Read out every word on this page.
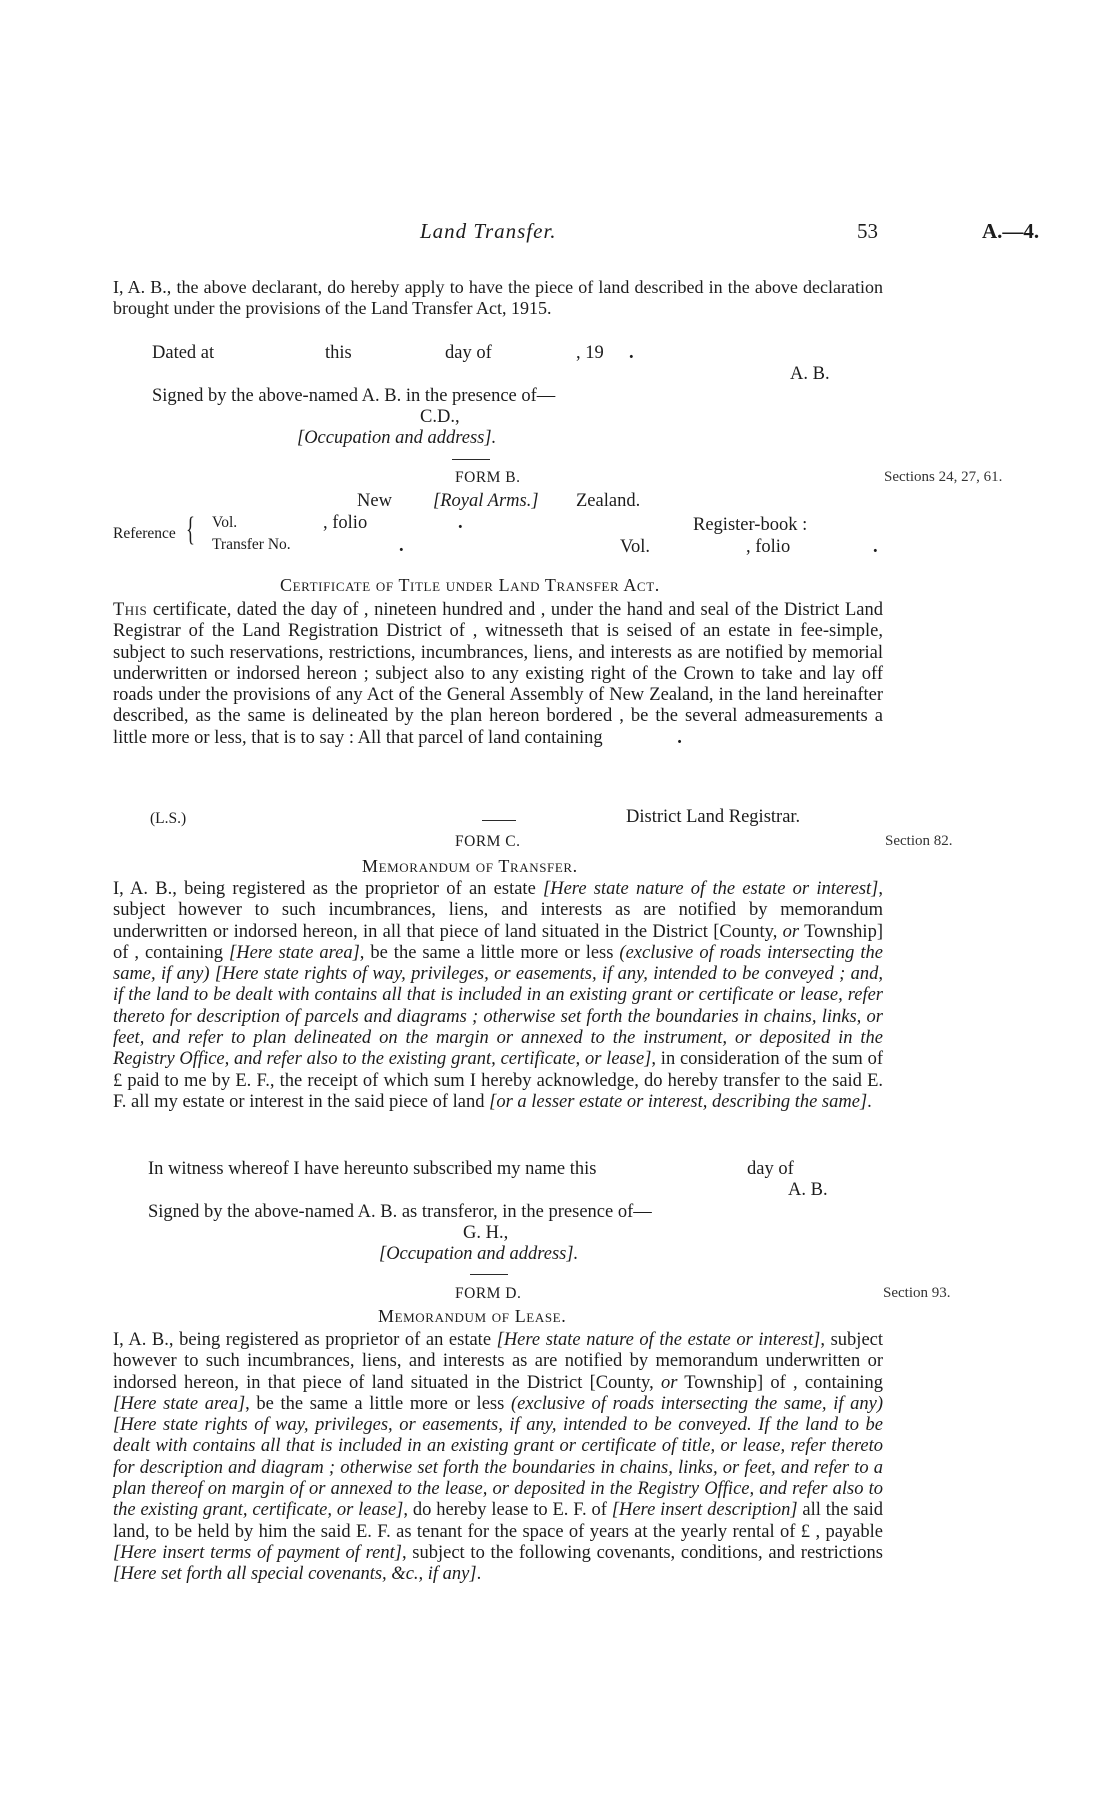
Land Transfer.	53	A.—4.
I, A. B., the above declarant, do hereby apply to have the piece of land described in the above declaration brought under the provisions of the Land Transfer Act, 1915.
Dated at	this	day of	, 19
.
A. B.
Signed by the above-named A. B. in the presence of—
C.D.,
[Occupation and address].
FORM B.	Sections 24, 27, 61.
New [Royal Arms.] Zealand.
Reference { Vol.	, folio	.
Transfer No.	.
Register-book :
Vol.	, folio	.
Certificate of Title under Land Transfer Act.
This certificate, dated the day of , nineteen hundred and , under the hand and seal of the District Land Registrar of the Land Registration District of , witnesseth that is seised of an estate in fee-simple, subject to such reservations, restrictions, incumbrances, liens, and interests as are notified by memorial underwritten or indorsed hereon ; subject also to any existing right of the Crown to take and lay off roads under the provisions of any Act of the General Assembly of New Zealand, in the land hereinafter described, as the same is delineated by the plan hereon bordered , be the several admeasurements a little more or less, that is to say : All that parcel of land containing	.
(L.S.)	District Land Registrar.
FORM C.	Section 82.
Memorandum of Transfer.
I, A. B., being registered as the proprietor of an estate [Here state nature of the estate or interest], subject however to such incumbrances, liens, and interests as are notified by memorandum underwritten or indorsed hereon, in all that piece of land situated in the District [County, or Township] of , containing [Here state area], be the same a little more or less (exclusive of roads intersecting the same, if any) [Here state rights of way, privileges, or easements, if any, intended to be conveyed ; and, if the land to be dealt with contains all that is included in an existing grant or certificate or lease, refer thereto for description of parcels and diagrams ; otherwise set forth the boundaries in chains, links, or feet, and refer to plan delineated on the margin or annexed to the instrument, or deposited in the Registry Office, and refer also to the existing grant, certificate, or lease], in consideration of the sum of £ paid to me by E. F., the receipt of which sum I hereby acknowledge, do hereby transfer to the said E. F. all my estate or interest in the said piece of land [or a lesser estate or interest, describing the same].
In witness whereof I have hereunto subscribed my name this	day of
A. B.
Signed by the above-named A. B. as transferor, in the presence of—
G. H.,
[Occupation and address].
FORM D.	Section 93.
Memorandum of Lease.
I, A. B., being registered as proprietor of an estate [Here state nature of the estate or interest], subject however to such incumbrances, liens, and interests as are notified by memorandum underwritten or indorsed hereon, in that piece of land situated in the District [County, or Township] of , containing [Here state area], be the same a little more or less (exclusive of roads intersecting the same, if any) [Here state rights of way, privileges, or easements, if any, intended to be conveyed. If the land to be dealt with contains all that is included in an existing grant or certificate of title, or lease, refer thereto for description and diagram ; otherwise set forth the boundaries in chains, links, or feet, and refer to a plan thereof on margin of or annexed to the lease, or deposited in the Registry Office, and refer also to the existing grant, certificate, or lease], do hereby lease to E. F. of [Here insert description] all the said land, to be held by him the said E. F. as tenant for the space of years at the yearly rental of £ , payable [Here insert terms of payment of rent], subject to the following covenants, conditions, and restrictions [Here set forth all special covenants, &c., if any].
